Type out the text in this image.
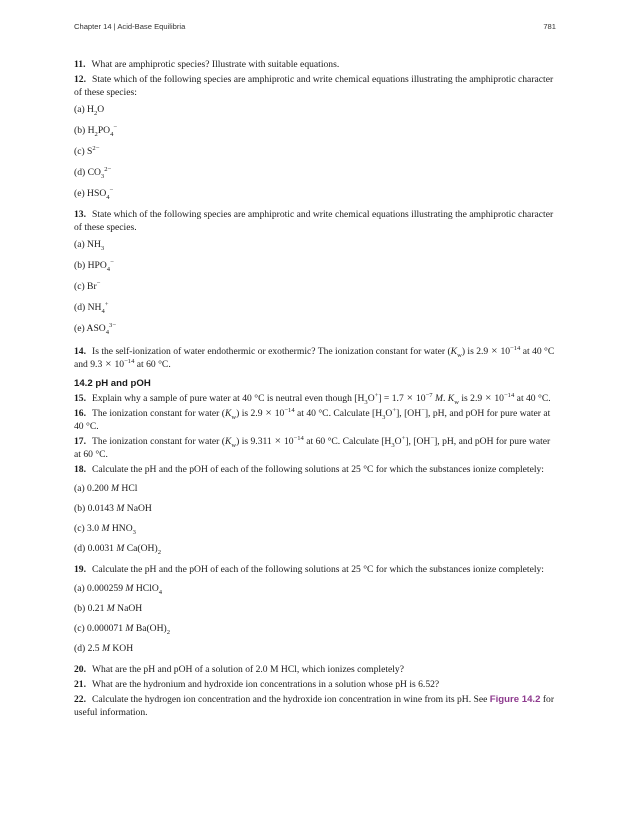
Chapter 14 | Acid-Base Equilibria	781

11. What are amphiprotic species? Illustrate with suitable equations.

12. State which of the following species are amphiprotic and write chemical equations illustrating the amphiprotic character of these species:

(a) $H_2O$
(b) $H_2PO_4^-$
(c) $S^{2-}$
(d) $CO_3^{2-}$
(e) $HSO_4^-$

13. State which of the following species are amphiprotic and write chemical equations illustrating the amphiprotic character of these species.

(a) $NH_3$
(b) $HPO_4^-$
(c) Br−
(d) $NH_4^+$
(e) $ASO_4^{3-}$

14. Is the self-ionization of water endothermic or exothermic? The ionization constant for water $(K_w)$ is $2.9 \times 10^{-14}$ at 40 °C and $9.3 \times 10^{-14}$ at 60 °C.

14.2 pH and pOH

15. Explain why a sample of pure water at 40 °C is neutral even though $[H_3O^+] = 1.7 \times 10^{-7}$ M. $K_w$ is $2.9 \times 10^{-14}$ at 40 °C.

16. The ionization constant for water $(K_w)$ is $2.9 \times 10^{-14}$ at 40 °C. Calculate $[H_3O^+]$, [OH−], pH, and pOH for pure water at 40 °C.

17. The ionization constant for water $(K_w)$ is $9.311 \times 10^{-14}$ at 60 °C. Calculate $[H_3O^+]$, [OH−], pH, and pOH for pure water at 60 °C.

18. Calculate the pH and the pOH of each of the following solutions at 25 °C for which the substances ionize completely:

(a) 0.200 M HCl
(b) 0.0143 M NaOH
(c) 3.0 M $HNO_3$
(d) 0.0031 M $Ca(OH)_2$

19. Calculate the pH and the pOH of each of the following solutions at 25 °C for which the substances ionize completely:

(a) 0.000259 M HClO$_4$
(b) 0.21 M NaOH
(c) 0.000071 M $Ba(OH)_2$
(d) 2.5 M KOH

20. What are the pH and pOH of a solution of 2.0 M HCl, which ionizes completely?

21. What are the hydronium and hydroxide ion concentrations in a solution whose pH is 6.52?

22. Calculate the hydrogen ion concentration and the hydroxide ion concentration in wine from its pH. See Figure 14.2 for useful information.
